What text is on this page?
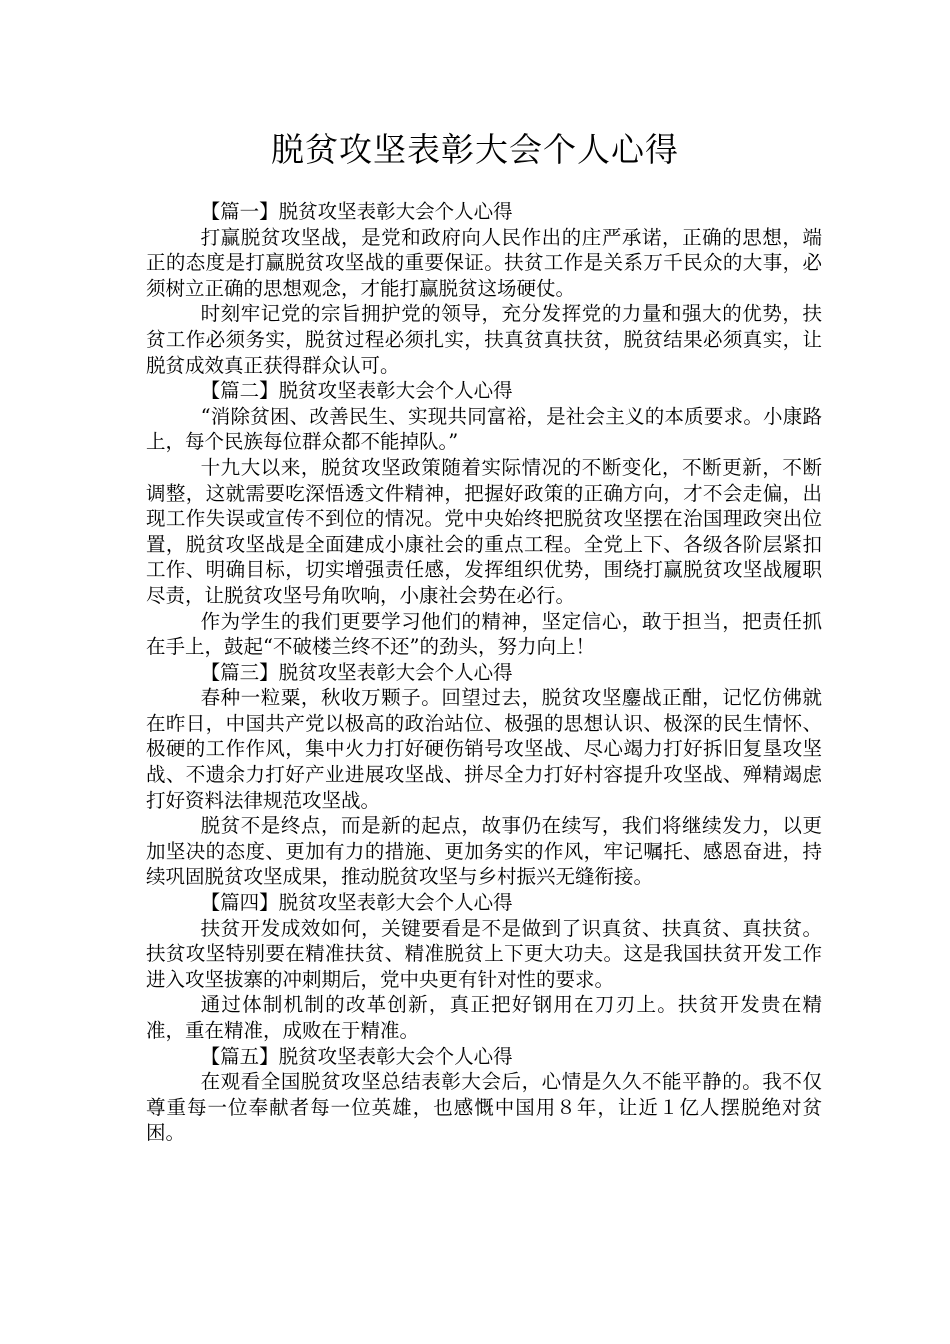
脱贫攻坚表彰大会个人心得

【篇一】脱贫攻坚表彰大会个人心得

打赢脱贫攻坚战，是党和政府向人民作出的庄严承诺，正确的思想，端正的态度是打赢脱贫攻坚战的重要保证。扶贫工作是关系万千民众的大事，必须树立正确的思想观念，才能打赢脱贫这场硬仗。

时刻牢记党的宗旨拥护党的领导，充分发挥党的力量和强大的优势，扶贫工作必须务实，脱贫过程必须扎实，扶真贫真扶贫，脱贫结果必须真实，让脱贫成效真正获得群众认可。

【篇二】脱贫攻坚表彰大会个人心得

“消除贫困、改善民生、实现共同富裕，是社会主义的本质要求。小康路上，每个民族每位群众都不能掉队。”

十九大以来，脱贫攻坚政策随着实际情况的不断变化，不断更新，不断调整，这就需要吃深悟透文件精神，把握好政策的正确方向，才不会走偏，出现工作失误或宣传不到位的情况。党中央始终把脱贫攻坚摆在治国理政突出位置，脱贫攻坚战是全面建成小康社会的重点工程。全党上下、各级各阶层紧扣工作、明确目标，切实增强责任感，发挥组织优势，围绕打赢脱贫攻坚战履职尽责，让脱贫攻坚号角吹响，小康社会势在必行。

作为学生的我们更要学习他们的精神，坚定信心，敢于担当，把责任抓在手上，鼓起“不破楼兰终不还”的劲头，努力向上！

【篇三】脱贫攻坚表彰大会个人心得

春种一粒粟，秋收万颗子。回望过去，脱贫攻坚鏖战正酣，记忆仿佛就在昨日，中国共产党以极高的政治站位、极强的思想认识、极深的民生情怀、极硬的工作作风，集中火力打好硬伤销号攻坚战、尽心竭力打好拆旧复垦攻坚战、不遗余力打好产业进展攻坚战、拼尽全力打好村容提升攻坚战、殚精竭虑打好资料法律规范攻坚战。

脱贫不是终点，而是新的起点，故事仍在续写，我们将继续发力，以更加坚决的态度、更加有力的措施、更加务实的作风，牢记嘱托、感恩奋进，持续巩固脱贫攻坚成果，推动脱贫攻坚与乡村振兴无缝衔接。

【篇四】脱贫攻坚表彰大会个人心得

扶贫开发成效如何，关键要看是不是做到了识真贫、扶真贫、真扶贫。扶贫攻坚特别要在精准扶贫、精准脱贫上下更大功夫。这是我国扶贫开发工作进入攻坚拔寨的冲刺期后，党中央更有针对性的要求。

通过体制机制的改革创新，真正把好钢用在刀刃上。扶贫开发贵在精准，重在精准，成败在于精准。

【篇五】脱贫攻坚表彰大会个人心得

在观看全国脱贫攻坚总结表彰大会后，心情是久久不能平静的。我不仅尊重每一位奉献者每一位英雄，也感慨中国用８年，让近１亿人摆脱绝对贫困。
